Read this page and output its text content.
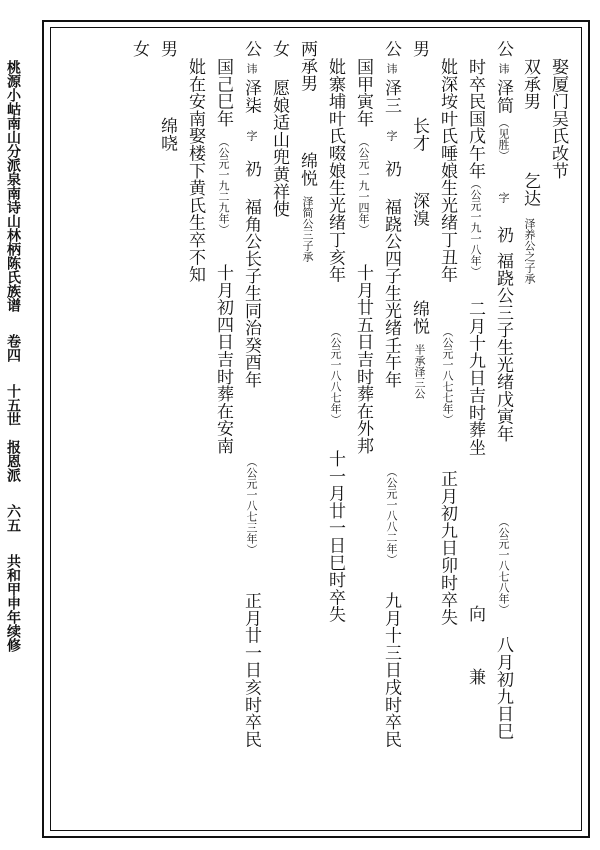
桃源小岵南山分派泉南诗山林柄陈氏族谱卷四十五世报恩派六五共和甲申年续修
娶厦门吴氏改节
双承男
乞达
泽养公之子承
公
讳
泽简
（见胜）
字
礽
福跷公三子生光绪戊寅年
（公元一八七八年）
八月初九日巳
时卒民国戊午年
（公元一九一八年）
二月十九日吉时葬坐
向
兼
妣深垵叶氏唾娘生光绪丁丑年
（公元一八七七年）
正月初九日卯时卒失
男
长才
深溴
绵悦
半承泽三公
公
讳
泽三
字
礽
福跷公四子生光绪壬午年
（公元一八八二年）
九月十三日戌时卒民
国甲寅年
（公元一九一四年）
十月廿五日吉时葬在外邦
妣寨埔叶氏啜娘生光绪丁亥年
（公元一八八七年）
十一月廿一日巳时卒失
两承男
绵悦
泽简公三子承
女
愿娘适山兜黄祥使
公
讳
泽柒
字
礽
福角公长子生同治癸酉年
（公元一八七三年）
正月廿一日亥时卒民
国己巳年
（公元一九二九年）
十月初四日吉时葬在安南
妣在安南娶楼下黄氏生卒不知
男
绵哓
女
